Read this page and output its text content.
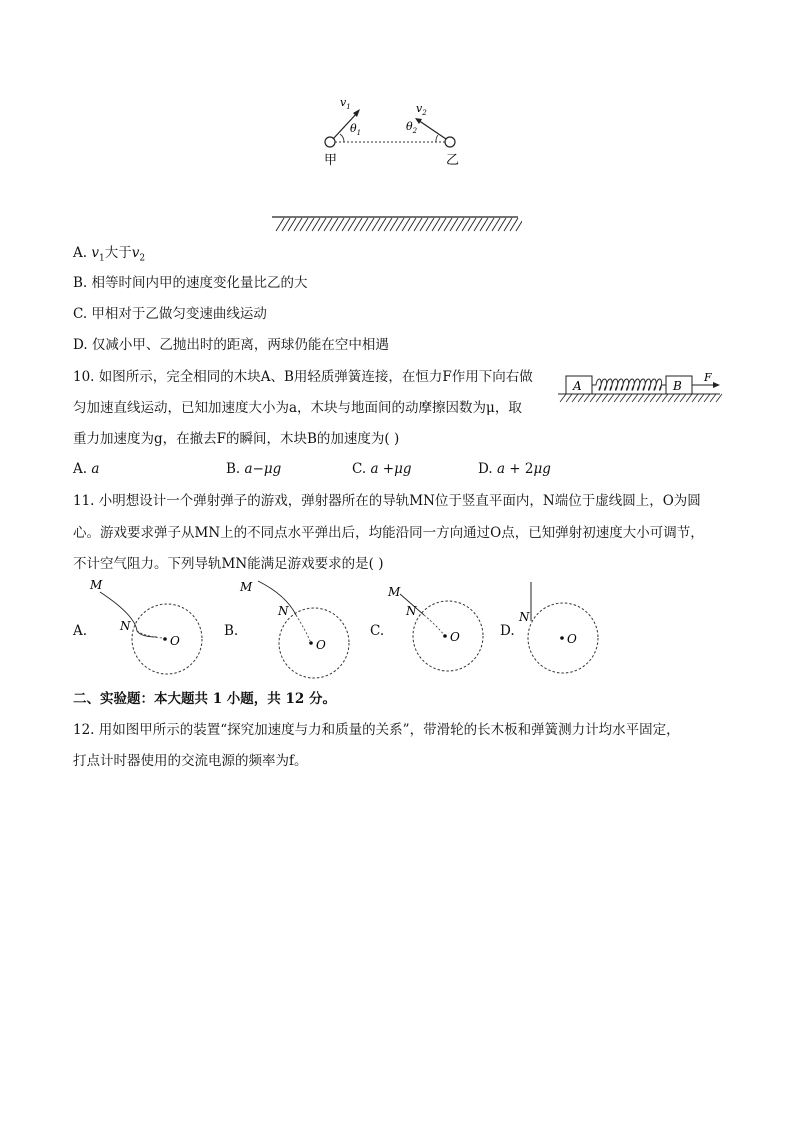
$v_1$	$v_2$
$\theta_1$	$\theta_2$
甲	乙
A. $v_1$大于$v_2$
B. 相等时间内甲的速度变化量比乙的大
C. 甲相对于乙做匀变速曲线运动
D. 仅减小甲、乙抛出时的距离，两球仍能在空中相遇
10. 如图所示，完全相同的木块A、B用轻质弹簧连接，在恒力F作用下向右做
匀加速直线运动，已知加速度大小为a，木块与地面间的动摩擦因数为μ，取
重力加速度为g，在撤去F的瞬间，木块B的加速度为( )
A	B
F
A. a	B. a−μg	C. a +μg	D. a + 2μg
11. 小明想设计一个弹射弹子的游戏，弹射器所在的导轨MN位于竖直平面内，N端位于虚线圆上，O为圆
心。游戏要求弹子从MN上的不同点水平弹出后，均能沿同一方向通过O点，已知弹射初速度大小可调节，
不计空气阻力。下列导轨MN能满足游戏要求的是( )
A.
M
N
O
B.
M
N
O
C.
M
N
O	D.
N
O
二、实验题：本大题共 1 小题，共 12 分。
12. 用如图甲所示的装置“探究加速度与力和质量的关系”，带滑轮的长木板和弹簧测力计均水平固定，
打点计时器使用的交流电源的频率为f。
